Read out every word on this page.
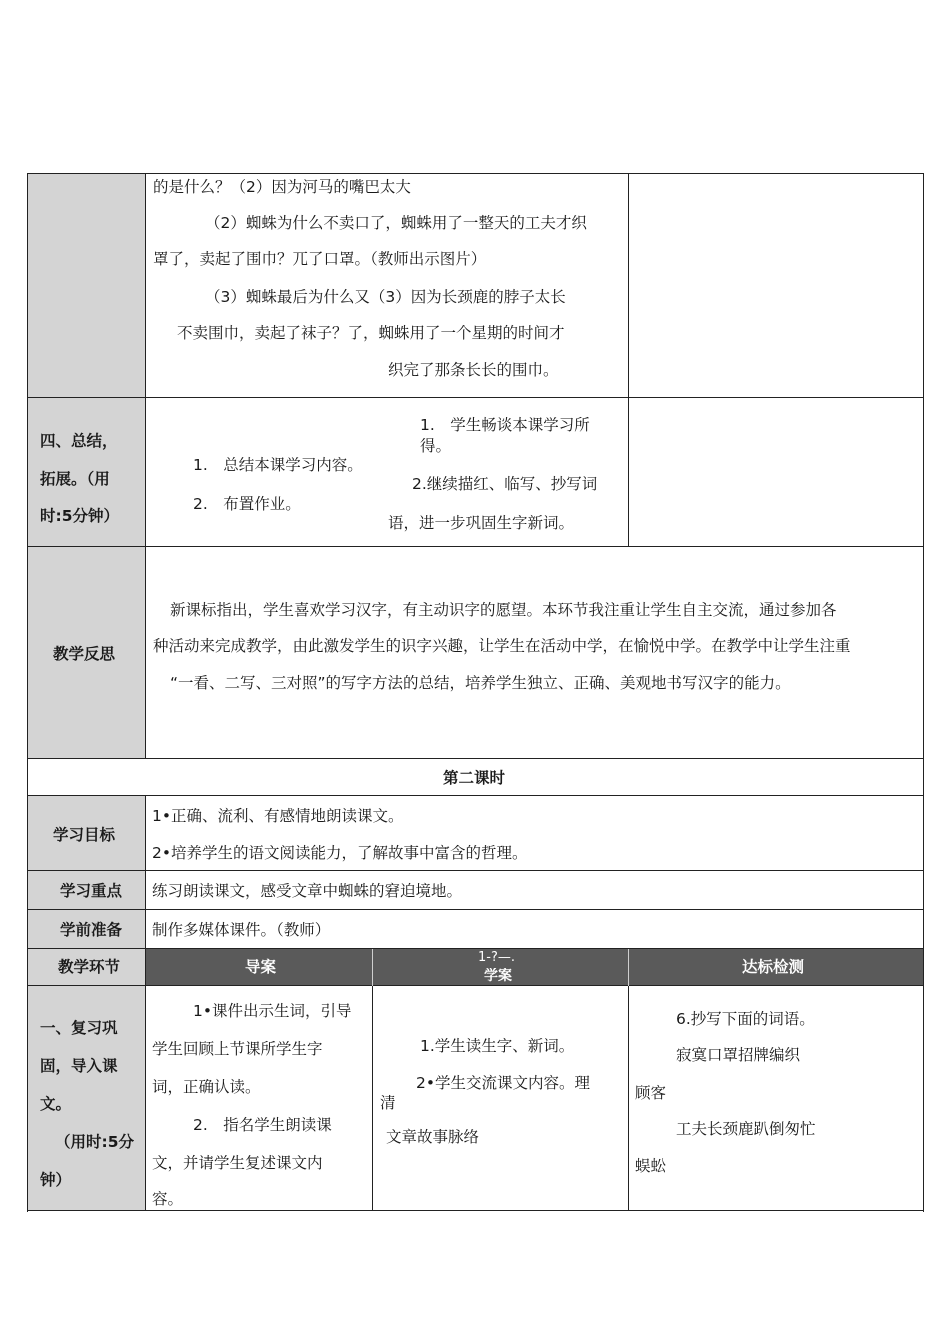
的是什么？（2）因为河马的嘴巴太大
（2）蜘蛛为什么不卖口了，蜘蛛用了一整天的工夫才织
罩了，卖起了围巾？兀了口罩。（教师出示图片）
（3）蜘蛛最后为什么又（3）因为长颈鹿的脖子太长
不卖围巾，卖起了袜子？了，蜘蛛用了一个星期的时间才
织完了那条长长的围巾。
四、总结，
拓展。（用
时:5分钟）
1.　总结本课学习内容。
2.　布置作业。
1.　学生畅谈本课学习所
得。
2.继续描红、临写、抄写词
语，进一步巩固生字新词。
教学反思
新课标指出，学生喜欢学习汉字，有主动识字的愿望。本环节我注重让学生自主交流，通过参加各
种活动来完成教学，由此激发学生的识字兴趣，让学生在活动中学，在愉悦中学。在教学中让学生注重
“一看、二写、三对照”的写字方法的总结，培养学生独立、正确、美观地书写汉字的能力。
第二课时
学习目标
1•正确、流利、有感情地朗读课文。
2•培养学生的语文阅读能力，了解故事中富含的哲理。
学习重点 练习朗读课文，感受文章中蜘蛛的窘迫境地。
学前准备 制作多媒体课件。（教师）
教学环节	导案
1-?—.
学案	达标检测
一、复习巩
固，导入课
文。
（用时:5分
钟）
1•课件出示生词，引导
学生回顾上节课所学生字
词，正确认读。
2.　指名学生朗读课
文，并请学生复述课文内
容。
1.学生读生字、新词。
2•学生交流课文内容。理
清
文章故事脉络
6.抄写下面的词语。
寂寞口罩招牌编织
顾客
工夫长颈鹿趴倒匆忙
蜈蚣
